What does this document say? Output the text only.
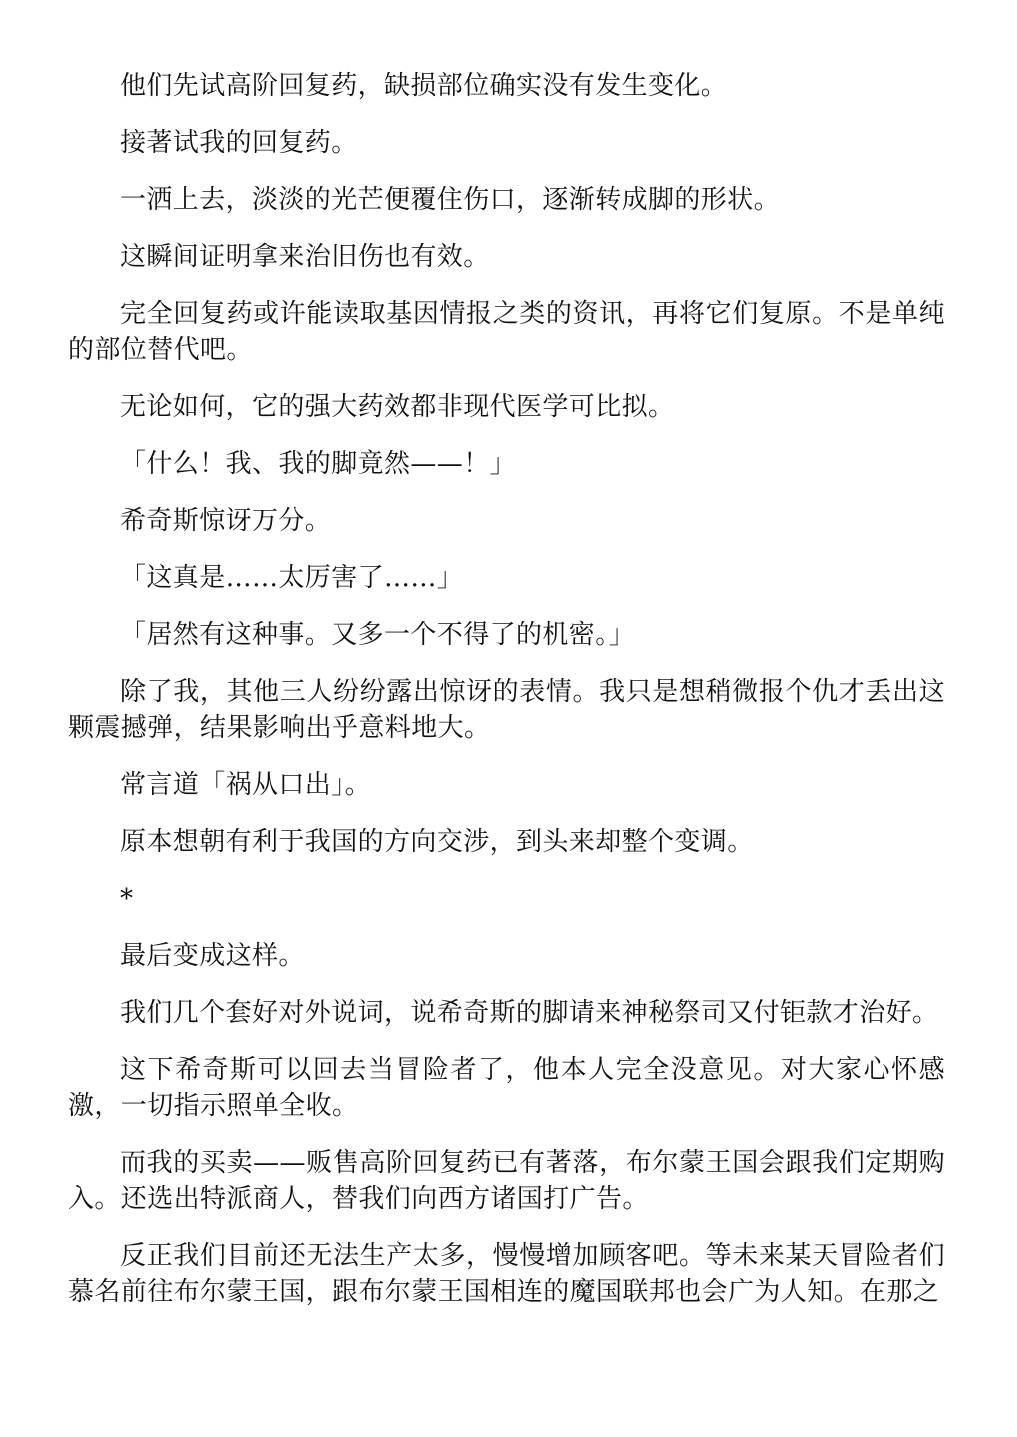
他们先试高阶回复药，缺损部位确实没有发生变化。

接著试我的回复药。

一洒上去，淡淡的光芒便覆住伤口，逐渐转成脚的形状。

这瞬间证明拿来治旧伤也有效。

完全回复药或许能读取基因情报之类的资讯，再将它们复原。不是单纯的部位替代吧。

无论如何，它的强大药效都非现代医学可比拟。

「什么！我、我的脚竟然——！」

希奇斯惊讶万分。

「这真是……太厉害了……」

「居然有这种事。又多一个不得了的机密。」

除了我，其他三人纷纷露出惊讶的表情。我只是想稍微报个仇才丢出这颗震撼弹，结果影响出乎意料地大。

常言道「祸从口出」。

原本想朝有利于我国的方向交涉，到头来却整个变调。

*

最后变成这样。

我们几个套好对外说词，说希奇斯的脚请来神秘祭司又付钜款才治好。

这下希奇斯可以回去当冒险者了，他本人完全没意见。对大家心怀感激，一切指示照单全收。

而我的买卖——贩售高阶回复药已有著落，布尔蒙王国会跟我们定期购入。还选出特派商人，替我们向西方诸国打广告。

反正我们目前还无法生产太多，慢慢增加顾客吧。等未来某天冒险者们慕名前往布尔蒙王国，跟布尔蒙王国相连的魔国联邦也会广为人知。在那之
